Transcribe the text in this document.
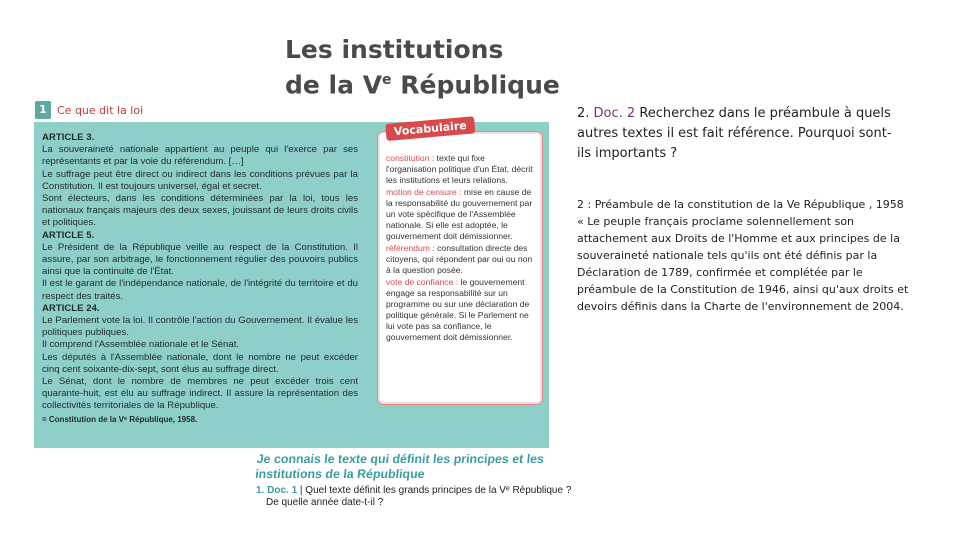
Les institutions
de la Ve République
1 Ce que dit la loi
ARTICLE 3.

La souveraineté nationale appartient au peuple qui l'exerce par ses représentants et par la voie du référendum. […]

Le suffrage peut être direct ou indirect dans les conditions prévues par la Constitution. Il est toujours universel, égal et secret.

Sont électeurs, dans les conditions déterminées par la loi, tous les nationaux français majeurs des deux sexes, jouissant de leurs droits civils et politiques.

ARTICLE 5.

Le Président de la République veille au respect de la Constitution. Il assure, par son arbitrage, le fonctionnement régulier des pouvoirs publics ainsi que la continuité de l'État.

Il est le garant de l'indépendance nationale, de l'intégrité du territoire et du respect des traités.

ARTICLE 24.

Le Parlement vote la loi. Il contrôle l'action du Gouvernement. Il évalue les politiques publiques.

Il comprend l'Assemblée nationale et le Sénat.

Les députés à l'Assemblée nationale, dont le nombre ne peut excéder cinq cent soixante-dix-sept, sont élus au suffrage direct.

Le Sénat, dont le nombre de membres ne peut excéder trois cent quarante-huit, est élu au suffrage indirect. Il assure la représentation des collectivités territoriales de la République.

= Constitution de la Vᵉ République, 1958.
Vocabulaire

constitution : texte qui fixe l'organisation politique d'un État, décrit les institutions et leurs relations.

motion de censure : mise en cause de la responsabilité du gouvernement par un vote spécifique de l'Assemblée nationale. Si elle est adoptée, le gouvernement doit démissionner.

référendum : consultation directe des citoyens, qui répondent par oui ou non à la question posée.

vote de confiance : le gouvernement engage sa responsabilité sur un programme ou sur une déclaration de politique générale. Si le Parlement ne lui vote pas sa confiance, le gouvernement doit démissionner.

Je connais le texte qui définit les principes et les institutions de la République
1. Doc. 1 | Quel texte définit les grands principes de la Vᵉ République ?
De quelle année date-t-il ?
2. Doc. 2 Recherchez dans le préambule à quels autres textes il est fait référence. Pourquoi sont-ils importants ?

2 : Préambule de la constitution de la Ve République , 1958

« Le peuple français proclame solennellement son attachement aux Droits de l'Homme et aux principes de la souveraineté nationale tels qu'ils ont été définis par la Déclaration de 1789, confirmée et complétée par le préambule de la Constitution de 1946, ainsi qu'aux droits et devoirs définis dans la Charte de l'environnement de 2004.
